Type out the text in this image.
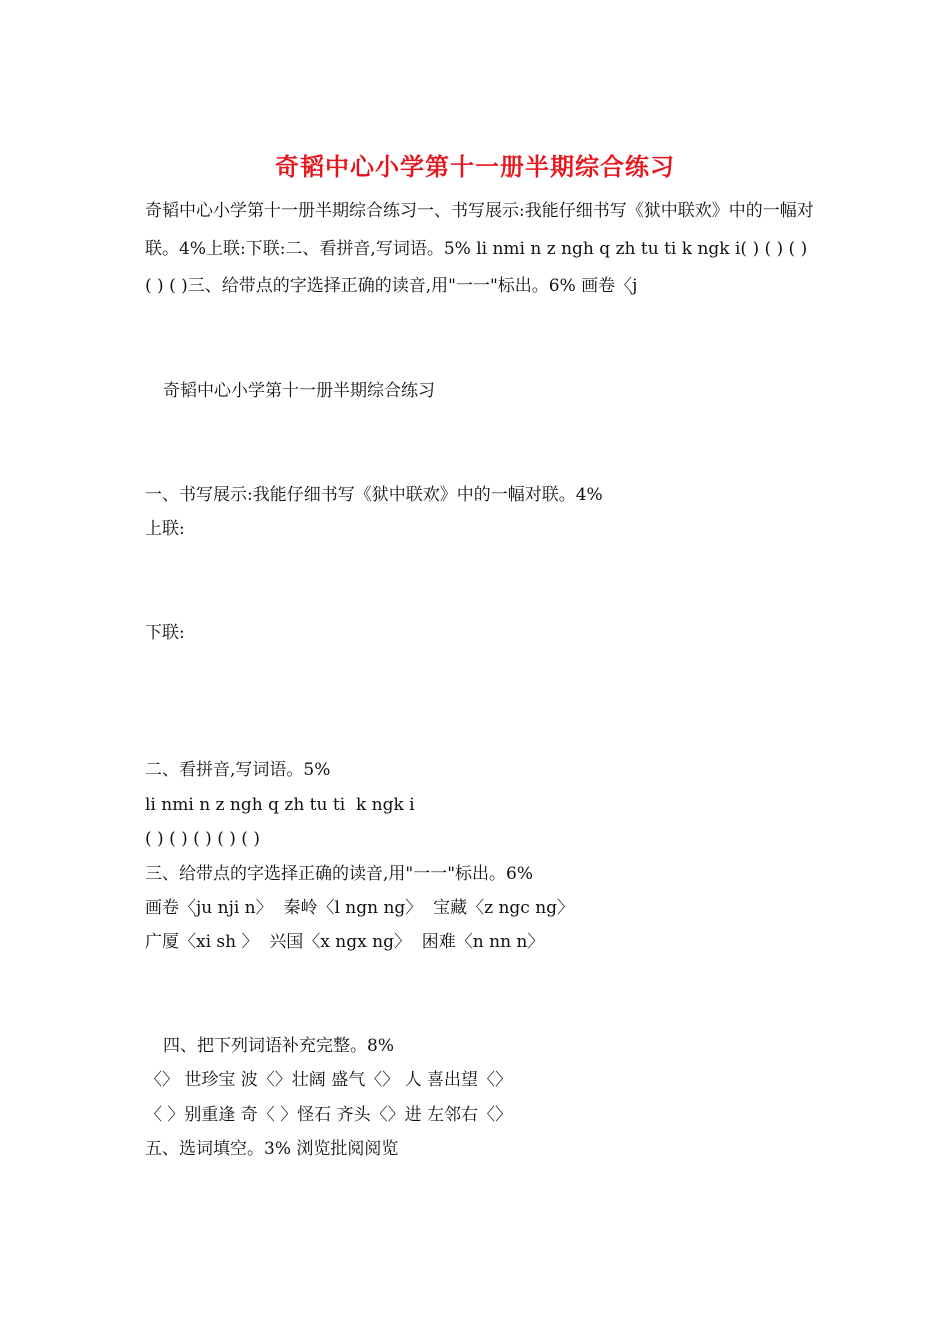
奇韬中心小学第十一册半期综合练习
奇韬中心小学第十一册半期综合练习一、书写展示:我能仔细书写《狱中联欢》中的一幅对联。4%上联:下联:二、看拼音,写词语。5% li nmi n z ngh q zh tu ti k ngk i( ) ( ) ( ) ( ) ( )三、给带点的字选择正确的读音,用"一一"标出。6% 画卷〈j
奇韬中心小学第十一册半期综合练习
一、书写展示:我能仔细书写《狱中联欢》中的一幅对联。4%
上联:
下联:
二、看拼音,写词语。5%
li nmi n z ngh q zh tu ti  k ngk i
( ) ( ) ( ) ( ) ( )
三、给带点的字选择正确的读音,用"一一"标出。6%
画卷〈ju nji n〉  秦岭〈l ngn ng〉  宝藏〈z ngc ng〉
广厦〈xi sh 〉  兴国〈x ngx ng〉  困难〈n nn n〉
四、把下列词语补充完整。8%
〈〉 世珍宝 波〈〉壮阔 盛气〈〉 人 喜出望〈〉
〈 〉别重逢 奇〈 〉怪石 齐头〈〉进 左邻右〈〉
五、选词填空。3% 浏览批阅阅览
